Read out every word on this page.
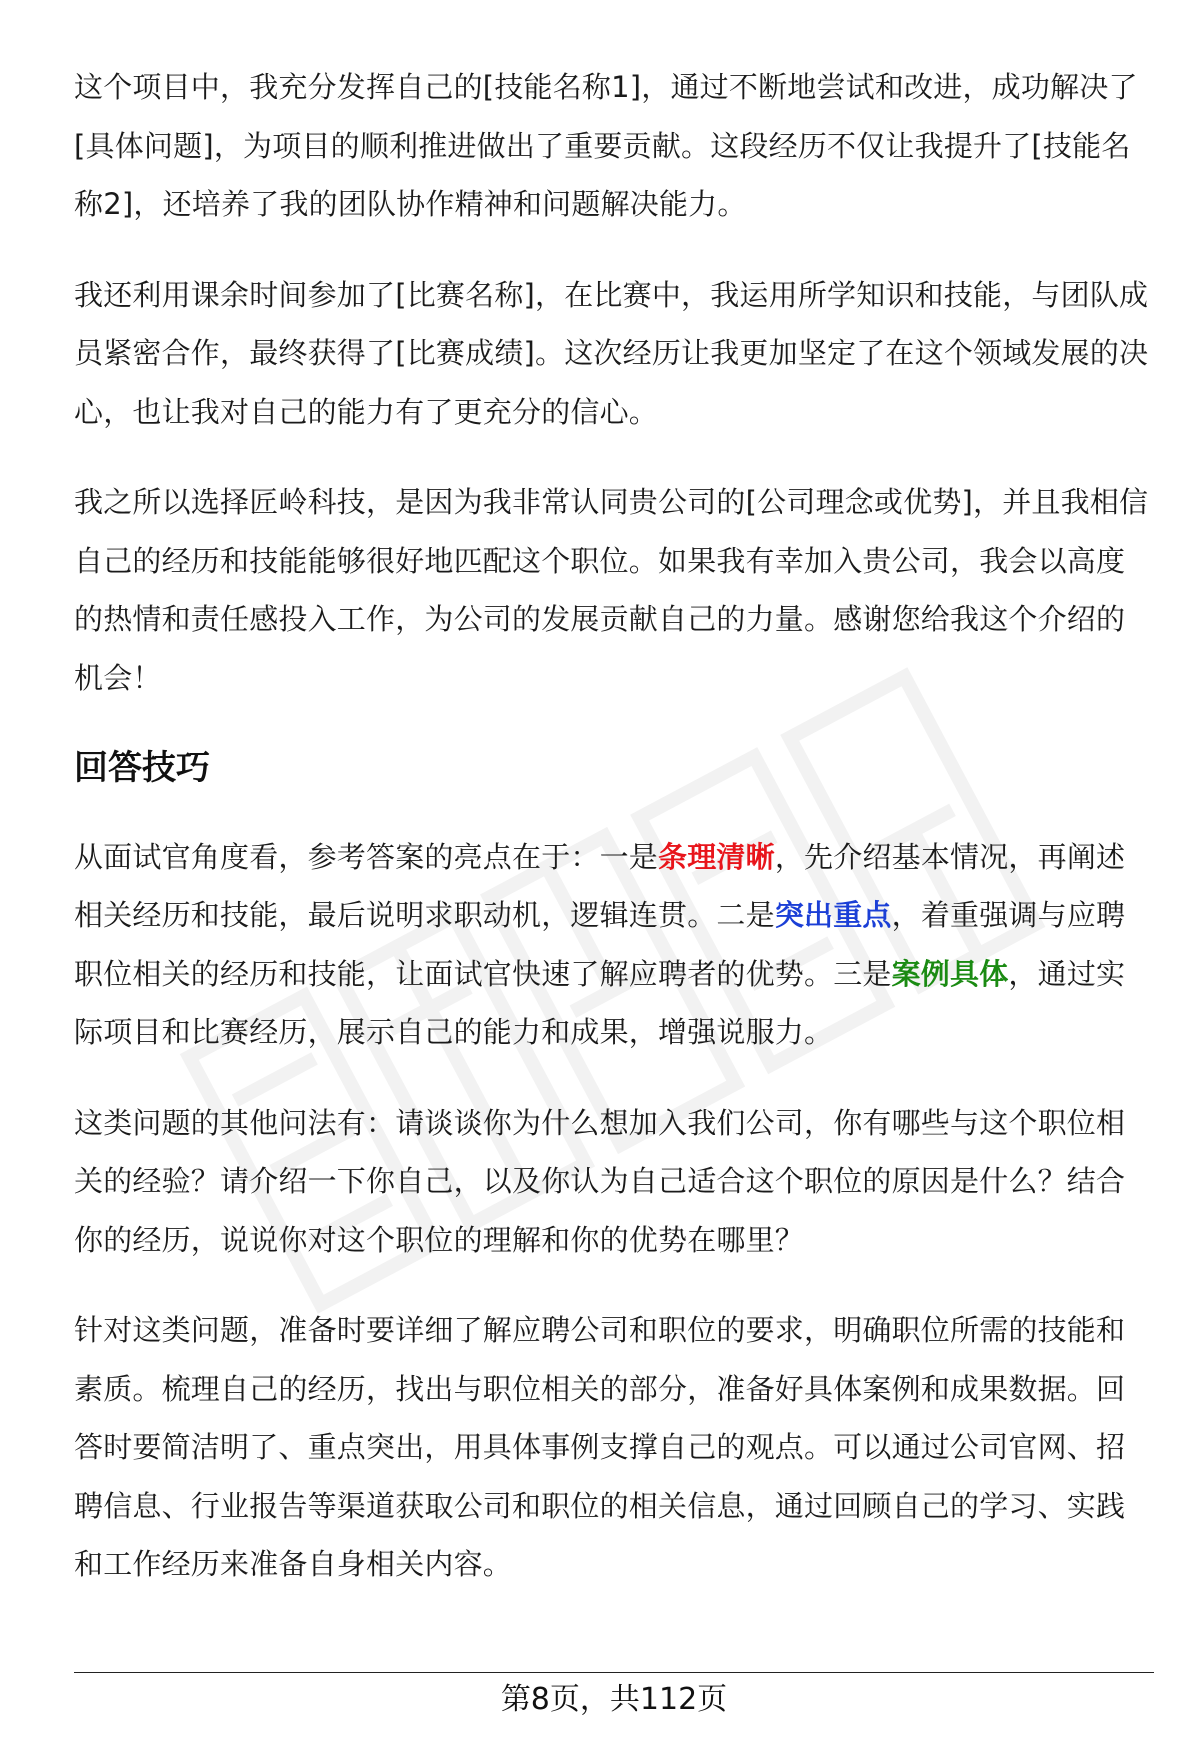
这个项目中，我充分发挥自己的[技能名称1]，通过不断地尝试和改进，成功解决了[具体问题]，为项目的顺利推进做出了重要贡献。这段经历不仅让我提升了[技能名称2]，还培养了我的团队协作精神和问题解决能力。

我还利用课余时间参加了[比赛名称]，在比赛中，我运用所学知识和技能，与团队成员紧密合作，最终获得了[比赛成绩]。这次经历让我更加坚定了在这个领域发展的决心，也让我对自己的能力有了更充分的信心。

我之所以选择匠岭科技，是因为我非常认同贵公司的[公司理念或优势]，并且我相信自己的经历和技能能够很好地匹配这个职位。如果我有幸加入贵公司，我会以高度的热情和责任感投入工作，为公司的发展贡献自己的力量。感谢您给我这个介绍的机会！

回答技巧

从面试官角度看，参考答案的亮点在于：一是条理清晰，先介绍基本情况，再阐述相关经历和技能，最后说明求职动机，逻辑连贯。二是突出重点，着重强调与应聘职位相关的经历和技能，让面试官快速了解应聘者的优势。三是案例具体，通过实际项目和比赛经历，展示自己的能力和成果，增强说服力。

这类问题的其他问法有：请谈谈你为什么想加入我们公司，你有哪些与这个职位相关的经验？请介绍一下你自己，以及你认为自己适合这个职位的原因是什么？结合你的经历，说说你对这个职位的理解和你的优势在哪里？

针对这类问题，准备时要详细了解应聘公司和职位的要求，明确职位所需的技能和素质。梳理自己的经历，找出与职位相关的部分，准备好具体案例和成果数据。回答时要简洁明了、重点突出，用具体事例支撑自己的观点。可以通过公司官网、招聘信息、行业报告等渠道获取公司和职位的相关信息，通过回顾自己的学习、实践和工作经历来准备自身相关内容。

第8页，共112页
